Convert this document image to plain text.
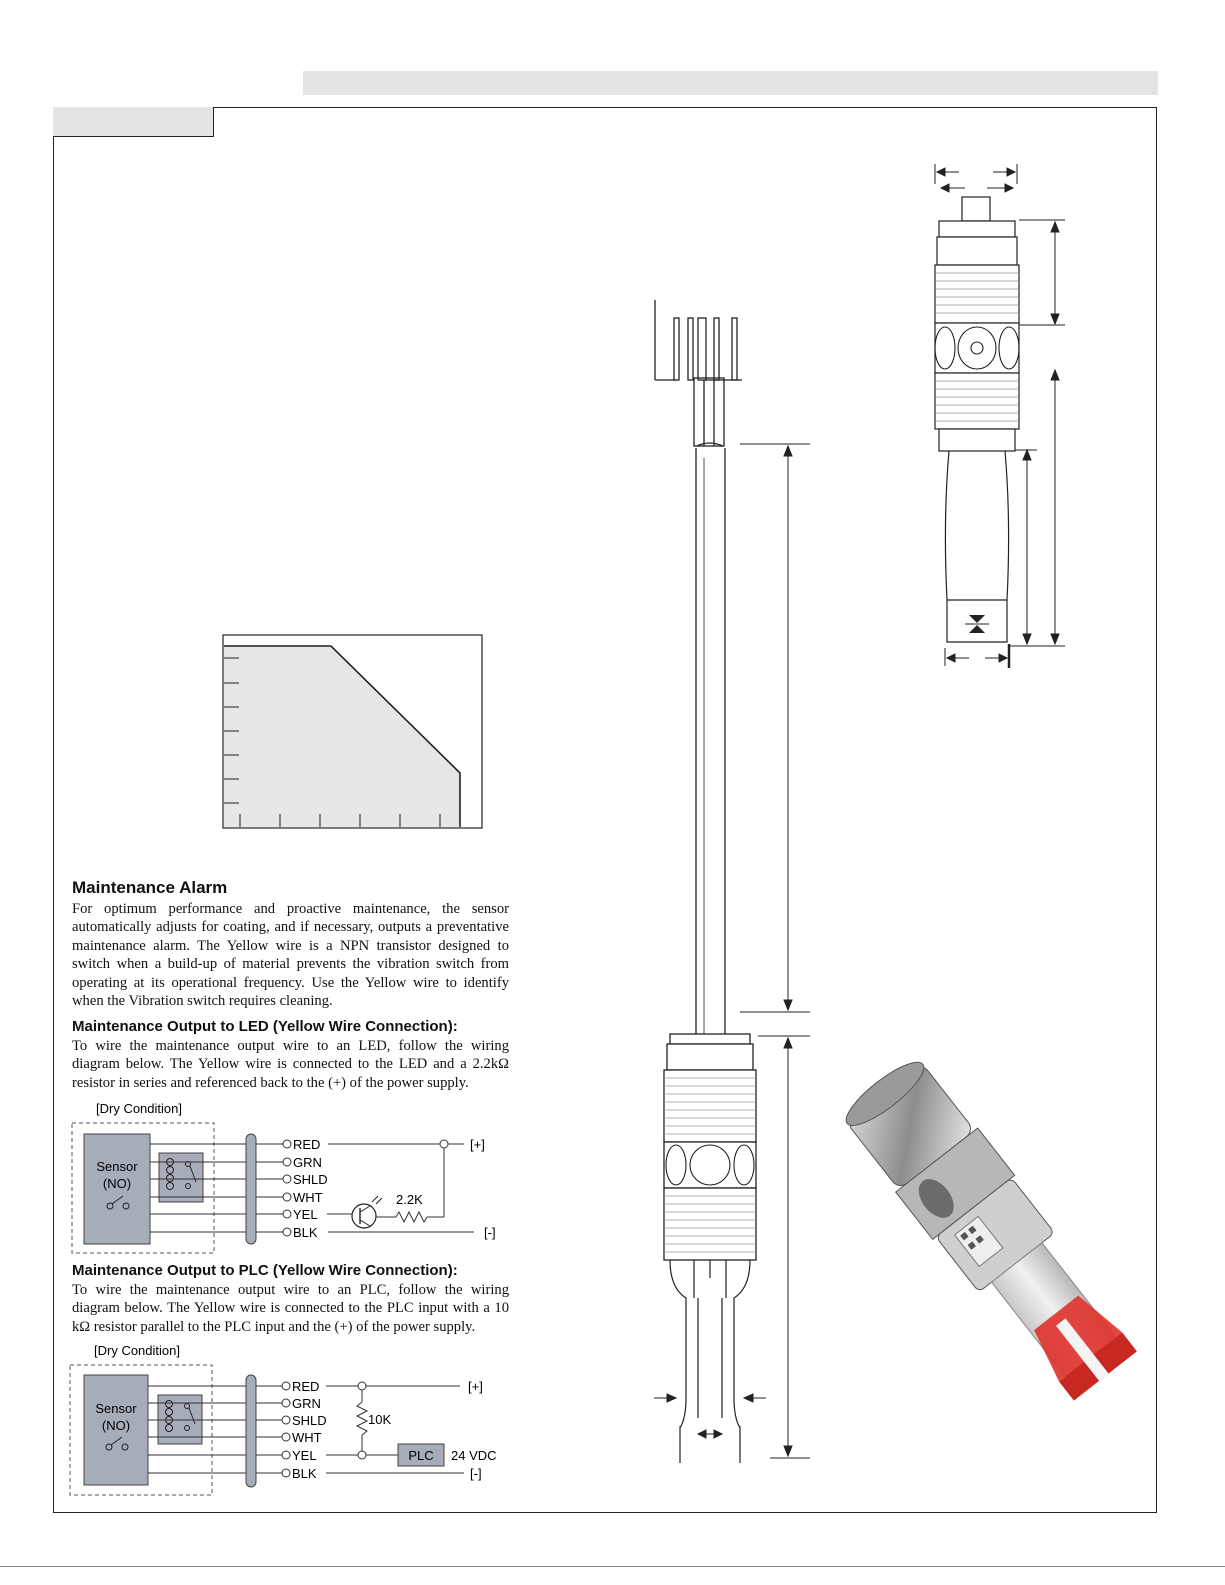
Maintenance Alarm

For optimum performance and proactive maintenance, the sensor automatically adjusts for coating, and if necessary, outputs a preventative maintenance alarm. The Yellow wire is a NPN transistor designed to switch when a build-up of material prevents the vibration switch from operating at its operational frequency. Use the Yellow wire to identify when the Vibration switch requires cleaning.

Maintenance Output to LED (Yellow Wire Connection):

To wire the maintenance output wire to an LED, follow the wiring diagram below. The Yellow wire is connected to the LED and a 2.2kΩ resistor in series and referenced back to the (+) of the power supply.

[Dry Condition]
Sensor
(NO)
RED
GRN
SHLD
WHT
YEL
BLK
[+]
2.2K
[-]
Maintenance Output to PLC (Yellow Wire Connection):

To wire the maintenance output wire to an PLC, follow the wiring diagram below. The Yellow wire is connected to the PLC input with a 10 kΩ resistor parallel to the PLC input and the (+) of the power supply.

[Dry Condition]
Sensor
(NO)
RED
GRN
SHLD
WHT
YEL
BLK
[+]
10K
PLC 24 VDC
[-]
